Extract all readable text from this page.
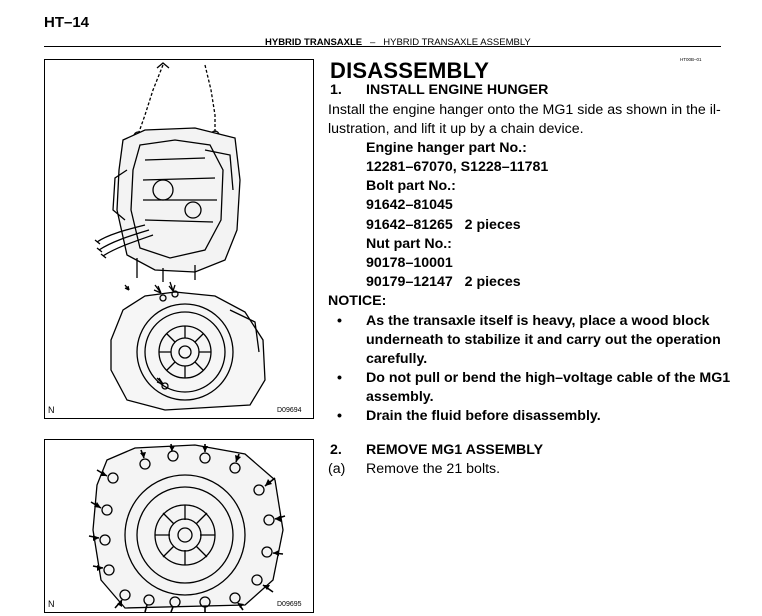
HT–14
HYBRID TRANSAXLE – HYBRID TRANSAXLE ASSEMBLY
HT00B–01
N	D09694
N	D09695
DISASSEMBLY
1. INSTALL ENGINE HUNGER
Install the engine hanger onto the MG1 side as shown in the il-
lustration, and lift it up by a chain device.
Engine hanger part No.:
12281–67070, S1228–11781
Bolt part No.:
91642–81045
91642–81265   2 pieces
Nut part No.:
90178–10001
90179–12147   2 pieces
NOTICE:
• As the transaxle itself is heavy, place a wood block
underneath to stabilize it and carry out the operation
carefully.
• Do not pull or bend the high–voltage cable of the MG1
assembly.
• Drain the fluid before disassembly.
2. REMOVE MG1 ASSEMBLY
(a) Remove the 21 bolts.
